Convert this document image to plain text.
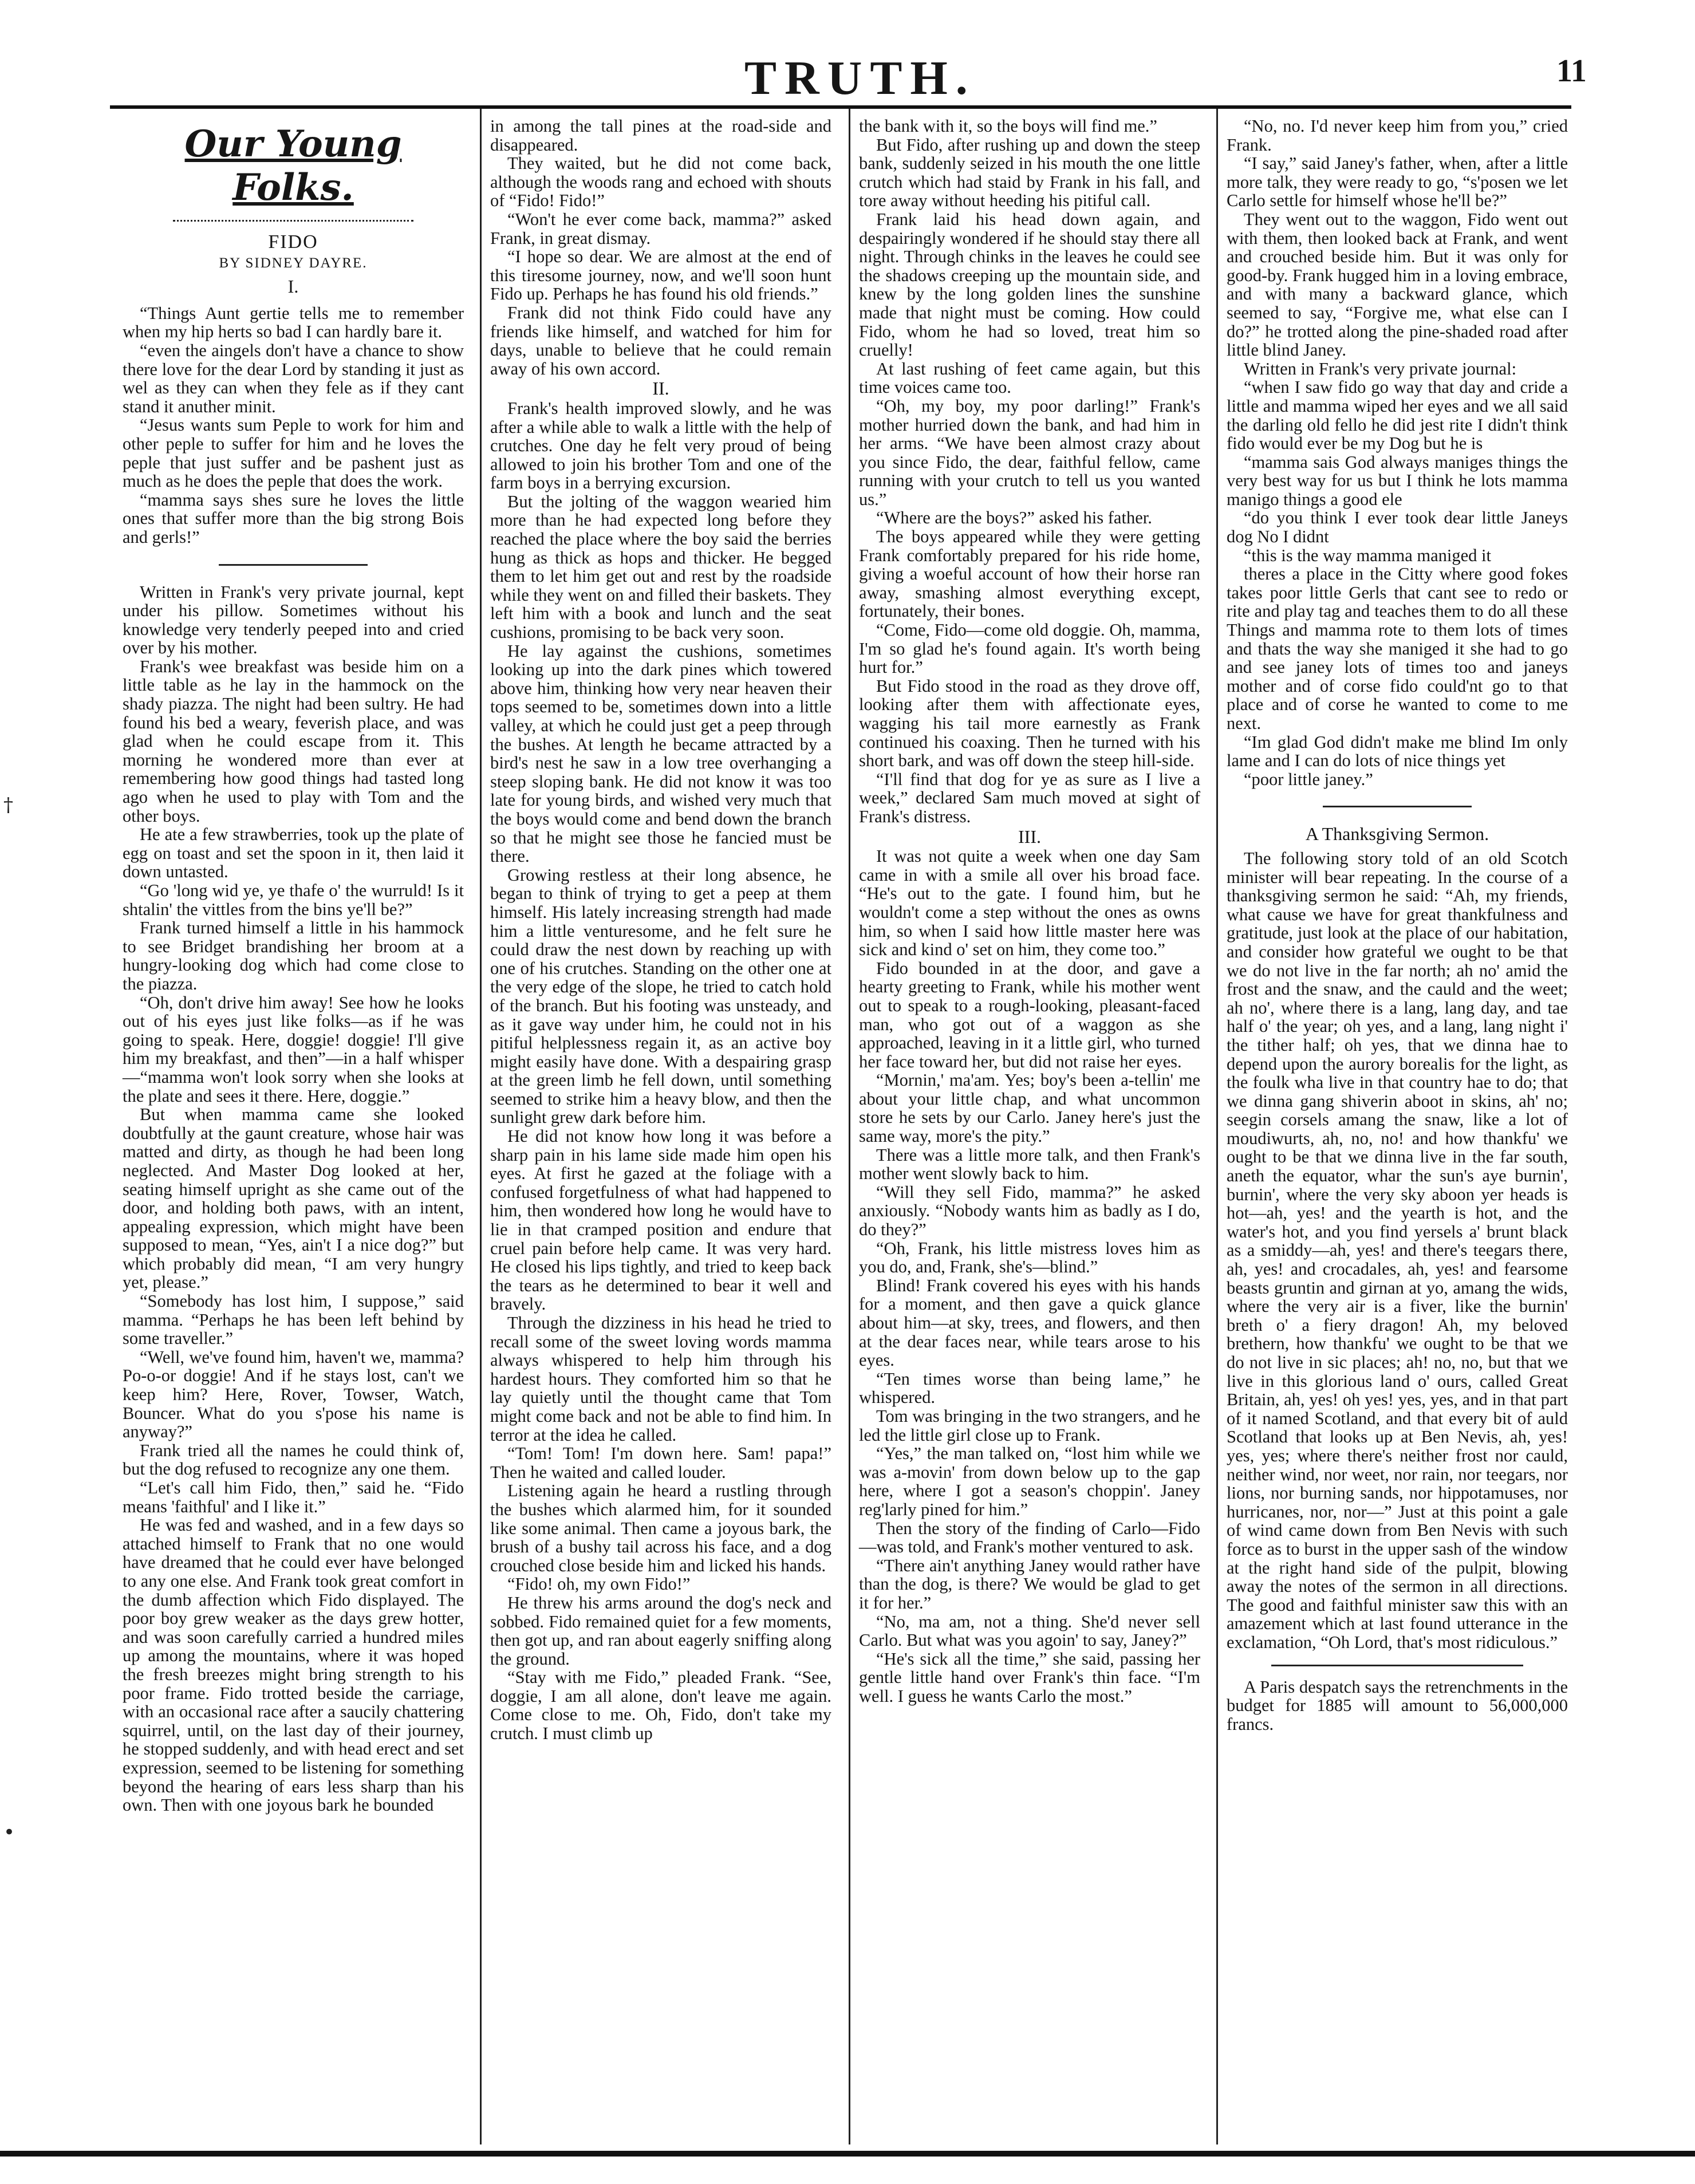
TRUTH.	11
†
•
Our Young Folks.
FIDO
BY SIDNEY DAYRE.
I.

“Things Aunt gertie tells me to remember when my hip herts so bad I can hardly bare it.

“even the aingels don't have a chance to show there love for the dear Lord by standing it just as wel as they can when they fele as if they cant stand it anuther minit.

“Jesus wants sum Peple to work for him and other peple to suffer for him and he loves the peple that just suffer and be pashent just as much as he does the peple that does the work.

“mamma says shes sure he loves the little ones that suffer more than the big strong Bois and gerls!”

Written in Frank's very private journal, kept under his pillow. Sometimes without his knowledge very tenderly peeped into and cried over by his mother.

Frank's wee breakfast was beside him on a little table as he lay in the hammock on the shady piazza. The night had been sultry. He had found his bed a weary, feverish place, and was glad when he could escape from it. This morning he wondered more than ever at remembering how good things had tasted long ago when he used to play with Tom and the other boys.

He ate a few strawberries, took up the plate of egg on toast and set the spoon in it, then laid it down untasted.

“Go 'long wid ye, ye thafe o' the wurruld! Is it shtalin' the vittles from the bins ye'll be?”

Frank turned himself a little in his hammock to see Bridget brandishing her broom at a hungry-looking dog which had come close to the piazza.

“Oh, don't drive him away! See how he looks out of his eyes just like folks—as if he was going to speak. Here, doggie! doggie! I'll give him my breakfast, and then”—in a half whisper—“mamma won't look sorry when she looks at the plate and sees it there. Here, doggie.”

But when mamma came she looked doubtfully at the gaunt creature, whose hair was matted and dirty, as though he had been long neglected. And Master Dog looked at her, seating himself upright as she came out of the door, and holding both paws, with an intent, appealing expression, which might have been supposed to mean, “Yes, ain't I a nice dog?” but which probably did mean, “I am very hungry yet, please.”

“Somebody has lost him, I suppose,” said mamma. “Perhaps he has been left behind by some traveller.”

“Well, we've found him, haven't we, mamma? Po-o-or doggie! And if he stays lost, can't we keep him? Here, Rover, Towser, Watch, Bouncer. What do you s'pose his name is anyway?”

Frank tried all the names he could think of, but the dog refused to recognize any one them.

“Let's call him Fido, then,” said he. “Fido means 'faithful' and I like it.”

He was fed and washed, and in a few days so attached himself to Frank that no one would have dreamed that he could ever have belonged to any one else. And Frank took great comfort in the dumb affection which Fido displayed. The poor boy grew weaker as the days grew hotter, and was soon carefully carried a hundred miles up among the mountains, where it was hoped the fresh breezes might bring strength to his poor frame. Fido trotted beside the carriage, with an occasional race after a saucily chattering squirrel, until, on the last day of their journey, he stopped suddenly, and with head erect and set expression, seemed to be listening for something beyond the hearing of ears less sharp than his own. Then with one joyous bark he bounded

in among the tall pines at the road-side and disappeared.

They waited, but he did not come back, although the woods rang and echoed with shouts of “Fido! Fido!”

“Won't he ever come back, mamma?” asked Frank, in great dismay.

“I hope so dear. We are almost at the end of this tiresome journey, now, and we'll soon hunt Fido up. Perhaps he has found his old friends.”

Frank did not think Fido could have any friends like himself, and watched for him for days, unable to believe that he could remain away of his own accord.

II.

Frank's health improved slowly, and he was after a while able to walk a little with the help of crutches. One day he felt very proud of being allowed to join his brother Tom and one of the farm boys in a berrying excursion.

But the jolting of the waggon wearied him more than he had expected long before they reached the place where the boy said the berries hung as thick as hops and thicker. He begged them to let him get out and rest by the roadside while they went on and filled their baskets. They left him with a book and lunch and the seat cushions, promising to be back very soon.

He lay against the cushions, sometimes looking up into the dark pines which towered above him, thinking how very near heaven their tops seemed to be, sometimes down into a little valley, at which he could just get a peep through the bushes. At length he became attracted by a bird's nest he saw in a low tree overhanging a steep sloping bank. He did not know it was too late for young birds, and wished very much that the boys would come and bend down the branch so that he might see those he fancied must be there.

Growing restless at their long absence, he began to think of trying to get a peep at them himself. His lately increasing strength had made him a little venturesome, and he felt sure he could draw the nest down by reaching up with one of his crutches. Standing on the other one at the very edge of the slope, he tried to catch hold of the branch. But his footing was unsteady, and as it gave way under him, he could not in his pitiful helplessness regain it, as an active boy might easily have done. With a despairing grasp at the green limb he fell down, until something seemed to strike him a heavy blow, and then the sunlight grew dark before him.

He did not know how long it was before a sharp pain in his lame side made him open his eyes. At first he gazed at the foliage with a confused forgetfulness of what had happened to him, then wondered how long he would have to lie in that cramped position and endure that cruel pain before help came. It was very hard. He closed his lips tightly, and tried to keep back the tears as he determined to bear it well and bravely.

Through the dizziness in his head he tried to recall some of the sweet loving words mamma always whispered to help him through his hardest hours. They comforted him so that he lay quietly until the thought came that Tom might come back and not be able to find him. In terror at the idea he called.

“Tom! Tom! I'm down here. Sam! papa!” Then he waited and called louder.

Listening again he heard a rustling through the bushes which alarmed him, for it sounded like some animal. Then came a joyous bark, the brush of a bushy tail across his face, and a dog crouched close beside him and licked his hands.

“Fido! oh, my own Fido!”

He threw his arms around the dog's neck and sobbed. Fido remained quiet for a few moments, then got up, and ran about eagerly sniffing along the ground.

“Stay with me Fido,” pleaded Frank. “See, doggie, I am all alone, don't leave me again. Come close to me. Oh, Fido, don't take my crutch. I must climb up

the bank with it, so the boys will find me.”

But Fido, after rushing up and down the steep bank, suddenly seized in his mouth the one little crutch which had staid by Frank in his fall, and tore away without heeding his pitiful call.

Frank laid his head down again, and despairingly wondered if he should stay there all night. Through chinks in the leaves he could see the shadows creeping up the mountain side, and knew by the long golden lines the sunshine made that night must be coming. How could Fido, whom he had so loved, treat him so cruelly!

At last rushing of feet came again, but this time voices came too.

“Oh, my boy, my poor darling!” Frank's mother hurried down the bank, and had him in her arms. “We have been almost crazy about you since Fido, the dear, faithful fellow, came running with your crutch to tell us you wanted us.”

“Where are the boys?” asked his father.

The boys appeared while they were getting Frank comfortably prepared for his ride home, giving a woeful account of how their horse ran away, smashing almost everything except, fortunately, their bones.

“Come, Fido—come old doggie. Oh, mamma, I'm so glad he's found again. It's worth being hurt for.”

But Fido stood in the road as they drove off, looking after them with affectionate eyes, wagging his tail more earnestly as Frank continued his coaxing. Then he turned with his short bark, and was off down the steep hill-side.

“I'll find that dog for ye as sure as I live a week,” declared Sam much moved at sight of Frank's distress.

III.

It was not quite a week when one day Sam came in with a smile all over his broad face. “He's out to the gate. I found him, but he wouldn't come a step without the ones as owns him, so when I said how little master here was sick and kind o' set on him, they come too.”

Fido bounded in at the door, and gave a hearty greeting to Frank, while his mother went out to speak to a rough-looking, pleasant-faced man, who got out of a waggon as she approached, leaving in it a little girl, who turned her face toward her, but did not raise her eyes.

“Mornin,' ma'am. Yes; boy's been a-tellin' me about your little chap, and what uncommon store he sets by our Carlo. Janey here's just the same way, more's the pity.”

There was a little more talk, and then Frank's mother went slowly back to him.

“Will they sell Fido, mamma?” he asked anxiously. “Nobody wants him as badly as I do, do they?”

“Oh, Frank, his little mistress loves him as you do, and, Frank, she's—blind.”

Blind! Frank covered his eyes with his hands for a moment, and then gave a quick glance about him—at sky, trees, and flowers, and then at the dear faces near, while tears arose to his eyes.

“Ten times worse than being lame,” he whispered.

Tom was bringing in the two strangers, and he led the little girl close up to Frank.

“Yes,” the man talked on, “lost him while we was a-movin' from down below up to the gap here, where I got a season's choppin'. Janey reg'larly pined for him.”

Then the story of the finding of Carlo—Fido—was told, and Frank's mother ventured to ask.

“There ain't anything Janey would rather have than the dog, is there? We would be glad to get it for her.”

“No, ma am, not a thing. She'd never sell Carlo. But what was you agoin' to say, Janey?”

“He's sick all the time,” she said, passing her gentle little hand over Frank's thin face. “I'm well. I guess he wants Carlo the most.”

“No, no. I'd never keep him from you,” cried Frank.

“I say,” said Janey's father, when, after a little more talk, they were ready to go, “s'posen we let Carlo settle for himself whose he'll be?”

They went out to the waggon, Fido went out with them, then looked back at Frank, and went and crouched beside him. But it was only for good-by. Frank hugged him in a loving embrace, and with many a backward glance, which seemed to say, “Forgive me, what else can I do?” he trotted along the pine-shaded road after little blind Janey.

Written in Frank's very private journal:

“when I saw fido go way that day and cride a little and mamma wiped her eyes and we all said the darling old fello he did jest rite I didn't think fido would ever be my Dog but he is

“mamma sais God always maniges things the very best way for us but I think he lots mamma manigo things a good ele

“do you think I ever took dear little Janeys dog No I didnt

“this is the way mamma maniged it

theres a place in the Citty where good fokes takes poor little Gerls that cant see to redo or rite and play tag and teaches them to do all these Things and mamma rote to them lots of times and thats the way she maniged it she had to go and see janey lots of times too and janeys mother and of corse fido could'nt go to that place and of corse he wanted to come to me next.

“Im glad God didn't make me blind Im only lame and I can do lots of nice things yet

“poor little janey.”

A Thanksgiving Sermon.

The following story told of an old Scotch minister will bear repeating. In the course of a thanksgiving sermon he said: “Ah, my friends, what cause we have for great thankfulness and gratitude, just look at the place of our habitation, and consider how grateful we ought to be that we do not live in the far north; ah no' amid the frost and the snaw, and the cauld and the weet; ah no', where there is a lang, lang day, and tae half o' the year; oh yes, and a lang, lang night i' the tither half; oh yes, that we dinna hae to depend upon the aurory borealis for the light, as the foulk wha live in that country hae to do; that we dinna gang shiverin aboot in skins, ah' no; seegin corsels amang the snaw, like a lot of moudiwurts, ah, no, no! and how thankfu' we ought to be that we dinna live in the far south, aneth the equator, whar the sun's aye burnin', burnin', where the very sky aboon yer heads is hot—ah, yes! and the yearth is hot, and the water's hot, and you find yersels a' brunt black as a smiddy—ah, yes! and there's teegars there, ah, yes! and crocadales, ah, yes! and fearsome beasts gruntin and girnan at yo, amang the wids, where the very air is a fiver, like the burnin' breth o' a fiery dragon! Ah, my beloved brethern, how thankfu' we ought to be that we do not live in sic places; ah! no, no, but that we live in this glorious land o' ours, called Great Britain, ah, yes! oh yes! yes, yes, and in that part of it named Scotland, and that every bit of auld Scotland that looks up at Ben Nevis, ah, yes! yes, yes; where there's neither frost nor cauld, neither wind, nor weet, nor rain, nor teegars, nor lions, nor burning sands, nor hippotamuses, nor hurricanes, nor, nor—” Just at this point a gale of wind came down from Ben Nevis with such force as to burst in the upper sash of the window at the right hand side of the pulpit, blowing away the notes of the sermon in all directions. The good and faithful minister saw this with an amazement which at last found utterance in the exclamation, “Oh Lord, that's most ridiculous.”

A Paris despatch says the retrenchments in the budget for 1885 will amount to 56,000,000 francs.
